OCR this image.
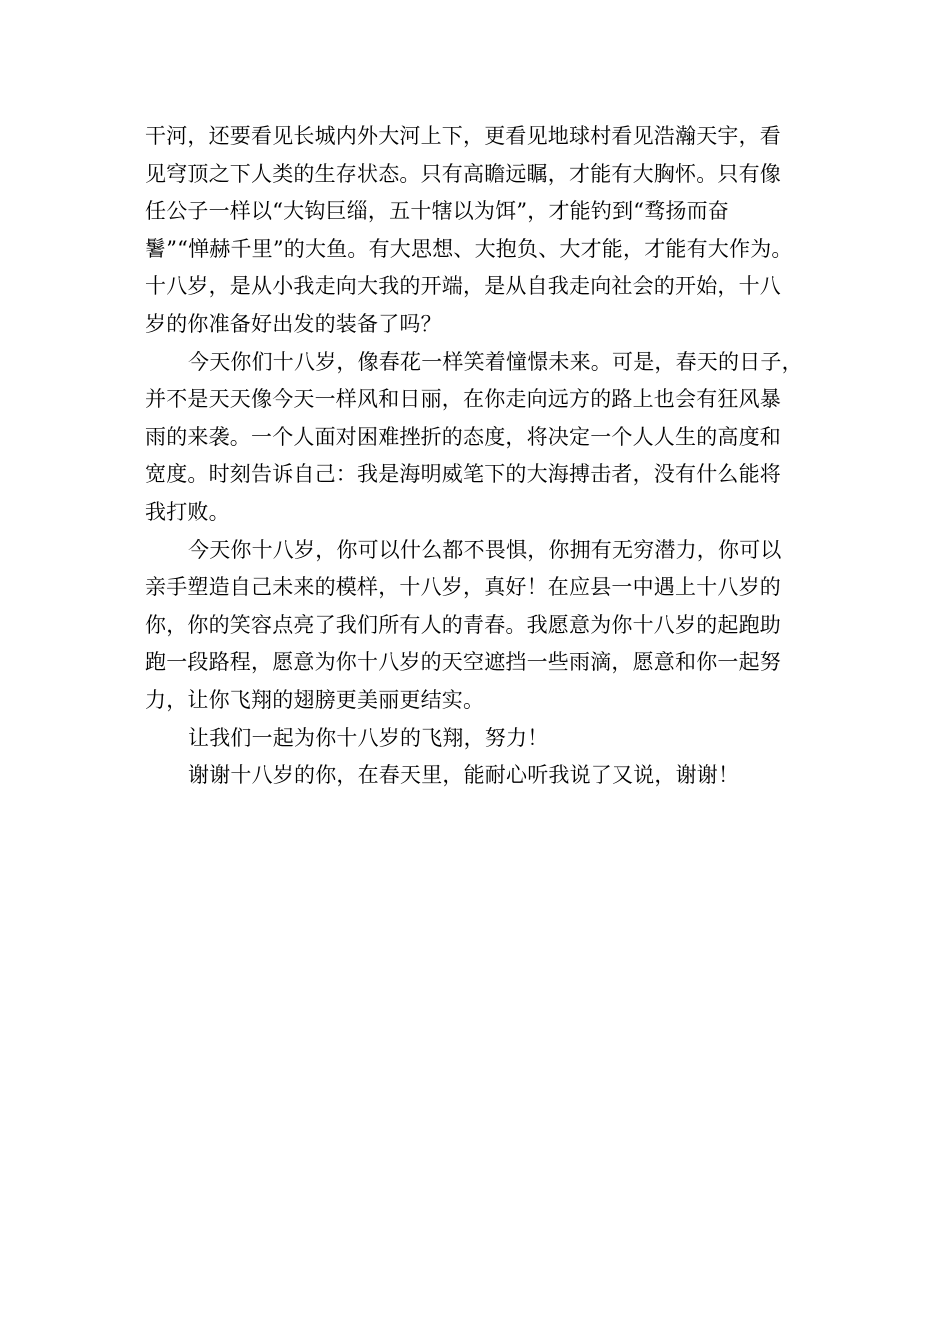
干河，还要看见长城内外大河上下，更看见地球村看见浩瀚天宇，看
见穹顶之下人类的生存状态。只有高瞻远瞩，才能有大胸怀。只有像
任公子一样以“大钩巨缁，五十犗以为饵”，才能钓到“骛扬而奋
鬐”“惮赫千里”的大鱼。有大思想、大抱负、大才能，才能有大作为。
十八岁，是从小我走向大我的开端，是从自我走向社会的开始，十八
岁的你准备好出发的装备了吗？
今天你们十八岁，像春花一样笑着憧憬未来。可是，春天的日子，
并不是天天像今天一样风和日丽，在你走向远方的路上也会有狂风暴
雨的来袭。一个人面对困难挫折的态度，将决定一个人人生的高度和
宽度。时刻告诉自己：我是海明威笔下的大海搏击者，没有什么能将
我打败。
今天你十八岁，你可以什么都不畏惧，你拥有无穷潜力，你可以
亲手塑造自己未来的模样，十八岁，真好！在应县一中遇上十八岁的
你，你的笑容点亮了我们所有人的青春。我愿意为你十八岁的起跑助
跑一段路程，愿意为你十八岁的天空遮挡一些雨滴，愿意和你一起努
力，让你飞翔的翅膀更美丽更结实。
让我们一起为你十八岁的飞翔，努力！
谢谢十八岁的你，在春天里，能耐心听我说了又说，谢谢！
